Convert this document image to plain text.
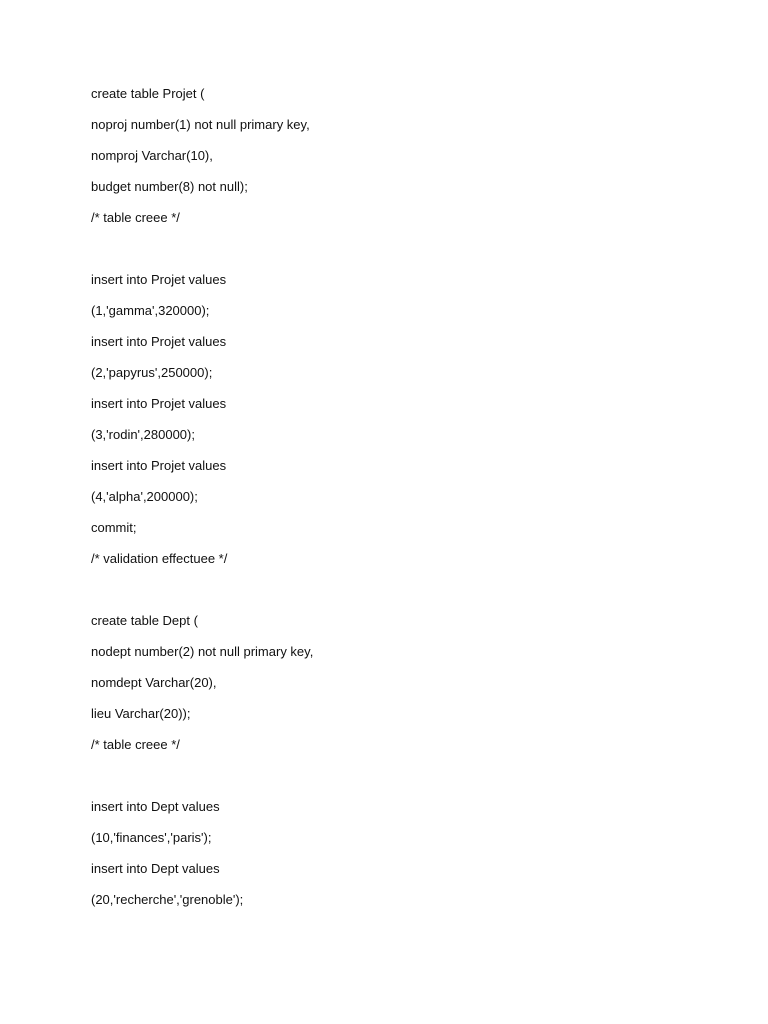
create table Projet (
noproj number(1) not null primary key,
nomproj Varchar(10),
budget number(8) not null);
/* table creee */
insert into Projet values
(1,'gamma',320000);
insert into Projet values
(2,'papyrus',250000);
insert into Projet values
(3,'rodin',280000);
insert into Projet values
(4,'alpha',200000);
commit;
/* validation effectuee */
create table Dept (
nodept number(2) not null primary key,
nomdept Varchar(20),
lieu Varchar(20));
/* table creee */
insert into Dept values
(10,'finances','paris');
insert into Dept values
(20,'recherche','grenoble');
